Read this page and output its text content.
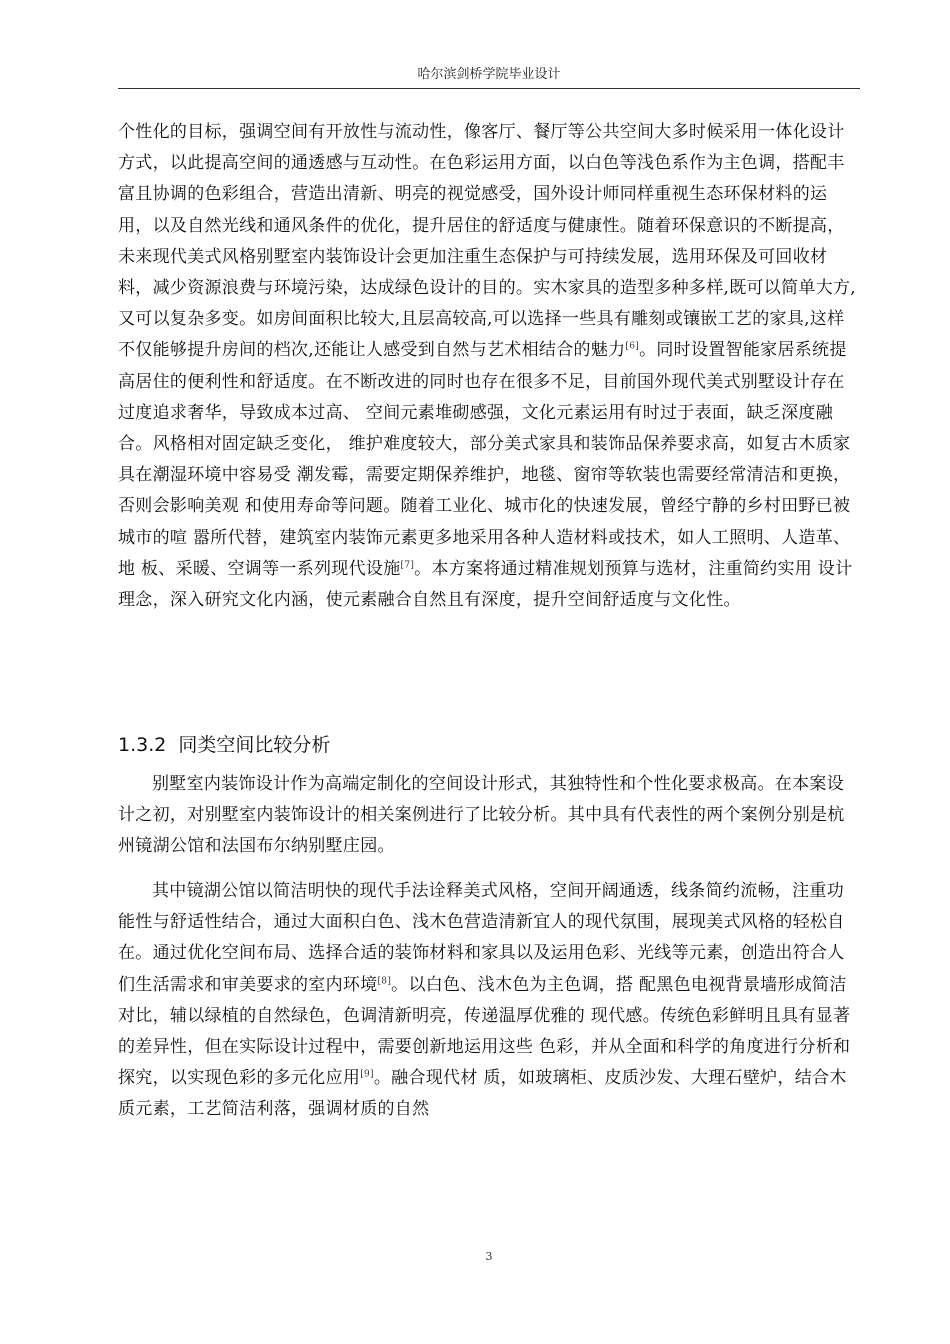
哈尔滨剑桥学院毕业设计

个性化的目标，强调空间有开放性与流动性，像客厅、餐厅等公共空间大多时候采用一体化设计方式，以此提高空间的通透感与互动性。在色彩运用方面，以白色等浅色系作为主色调，搭配丰富且协调的色彩组合，营造出清新、明亮的视觉感受，国外设计师同样重视生态环保材料的运用，以及自然光线和通风条件的优化，提升居住的舒适度与健康性。随着环保意识的不断提高，未来现代美式风格别墅室内装饰设计会更加注重生态保护与可持续发展，选用环保及可回收材料，减少资源浪费与环境污染，达成绿色设计的目的。实木家具的造型多种多样,既可以简单大方,又可以复杂多变。如房间面积比较大,且层高较高,可以选择一些具有雕刻或镶嵌工艺的家具,这样不仅能够提升房间的档次,还能让人感受到自然与艺术相结合的魅力[6]。同时设置智能家居系统提高居住的便利性和舒适度。在不断改进的同时也存在很多不足，目前国外现代美式别墅设计存在过度追求奢华，导致成本过高、 空间元素堆砌感强，文化元素运用有时过于表面，缺乏深度融合。风格相对固定缺乏变化， 维护难度较大，部分美式家具和装饰品保养要求高，如复古木质家具在潮湿环境中容易受 潮发霉，需要定期保养维护，地毯、窗帘等软装也需要经常清洁和更换，否则会影响美观 和使用寿命等问题。随着工业化、城市化的快速发展，曾经宁静的乡村田野已被城市的喧 嚣所代替，建筑室内装饰元素更多地采用各种人造材料或技术，如人工照明、人造革、地 板、采暖、空调等一系列现代设施[7]。本方案将通过精准规划预算与选材，注重简约实用 设计理念，深入研究文化内涵，使元素融合自然且有深度，提升空间舒适度与文化性。

1.3.2 同类空间比较分析

别墅室内装饰设计作为高端定制化的空间设计形式，其独特性和个性化要求极高。在本案设计之初，对别墅室内装饰设计的相关案例进行了比较分析。其中具有代表性的两个案例分别是杭州镜湖公馆和法国布尔纳别墅庄园。

其中镜湖公馆以简洁明快的现代手法诠释美式风格，空间开阔通透，线条简约流畅，注重功能性与舒适性结合，通过大面积白色、浅木色营造清新宜人的现代氛围，展现美式风格的轻松自在。通过优化空间布局、选择合适的装饰材料和家具以及运用色彩、光线等元素，创造出符合人们生活需求和审美要求的室内环境[8]。以白色、浅木色为主色调，搭 配黑色电视背景墙形成简洁对比，辅以绿植的自然绿色，色调清新明亮，传递温厚优雅的 现代感。传统色彩鲜明且具有显著的差异性，但在实际设计过程中，需要创新地运用这些 色彩，并从全面和科学的角度进行分析和探究，以实现色彩的多元化应用[9]。融合现代材 质，如玻璃柜、皮质沙发、大理石壁炉，结合木质元素，工艺简洁利落，强调材质的自然

3
